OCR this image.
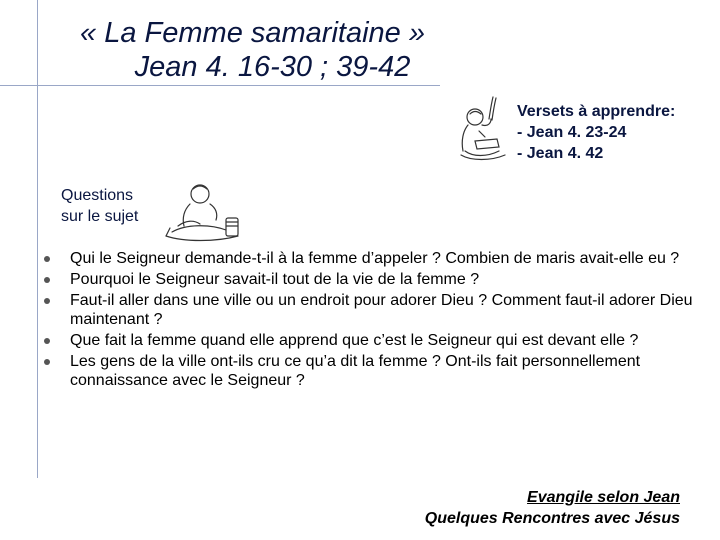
« La Femme samaritaine »
Jean 4. 16-30 ; 39-42
Versets à apprendre:
- Jean 4. 23-24
- Jean 4. 42
Questions
sur le sujet
Qui le Seigneur demande-t-il à la femme d’appeler ? Combien de maris avait-elle eu ?
Pourquoi le Seigneur savait-il tout de la vie de la femme ?
Faut-il aller dans une ville ou un endroit pour adorer Dieu ? Comment faut-il adorer Dieu maintenant ?
Que fait la femme quand elle apprend que c’est le Seigneur qui est devant elle ?
Les gens de la ville ont-ils cru ce qu’a dit la femme ? Ont-ils fait personnellement connaissance avec le Seigneur ?
Evangile selon Jean
Quelques Rencontres avec Jésus
